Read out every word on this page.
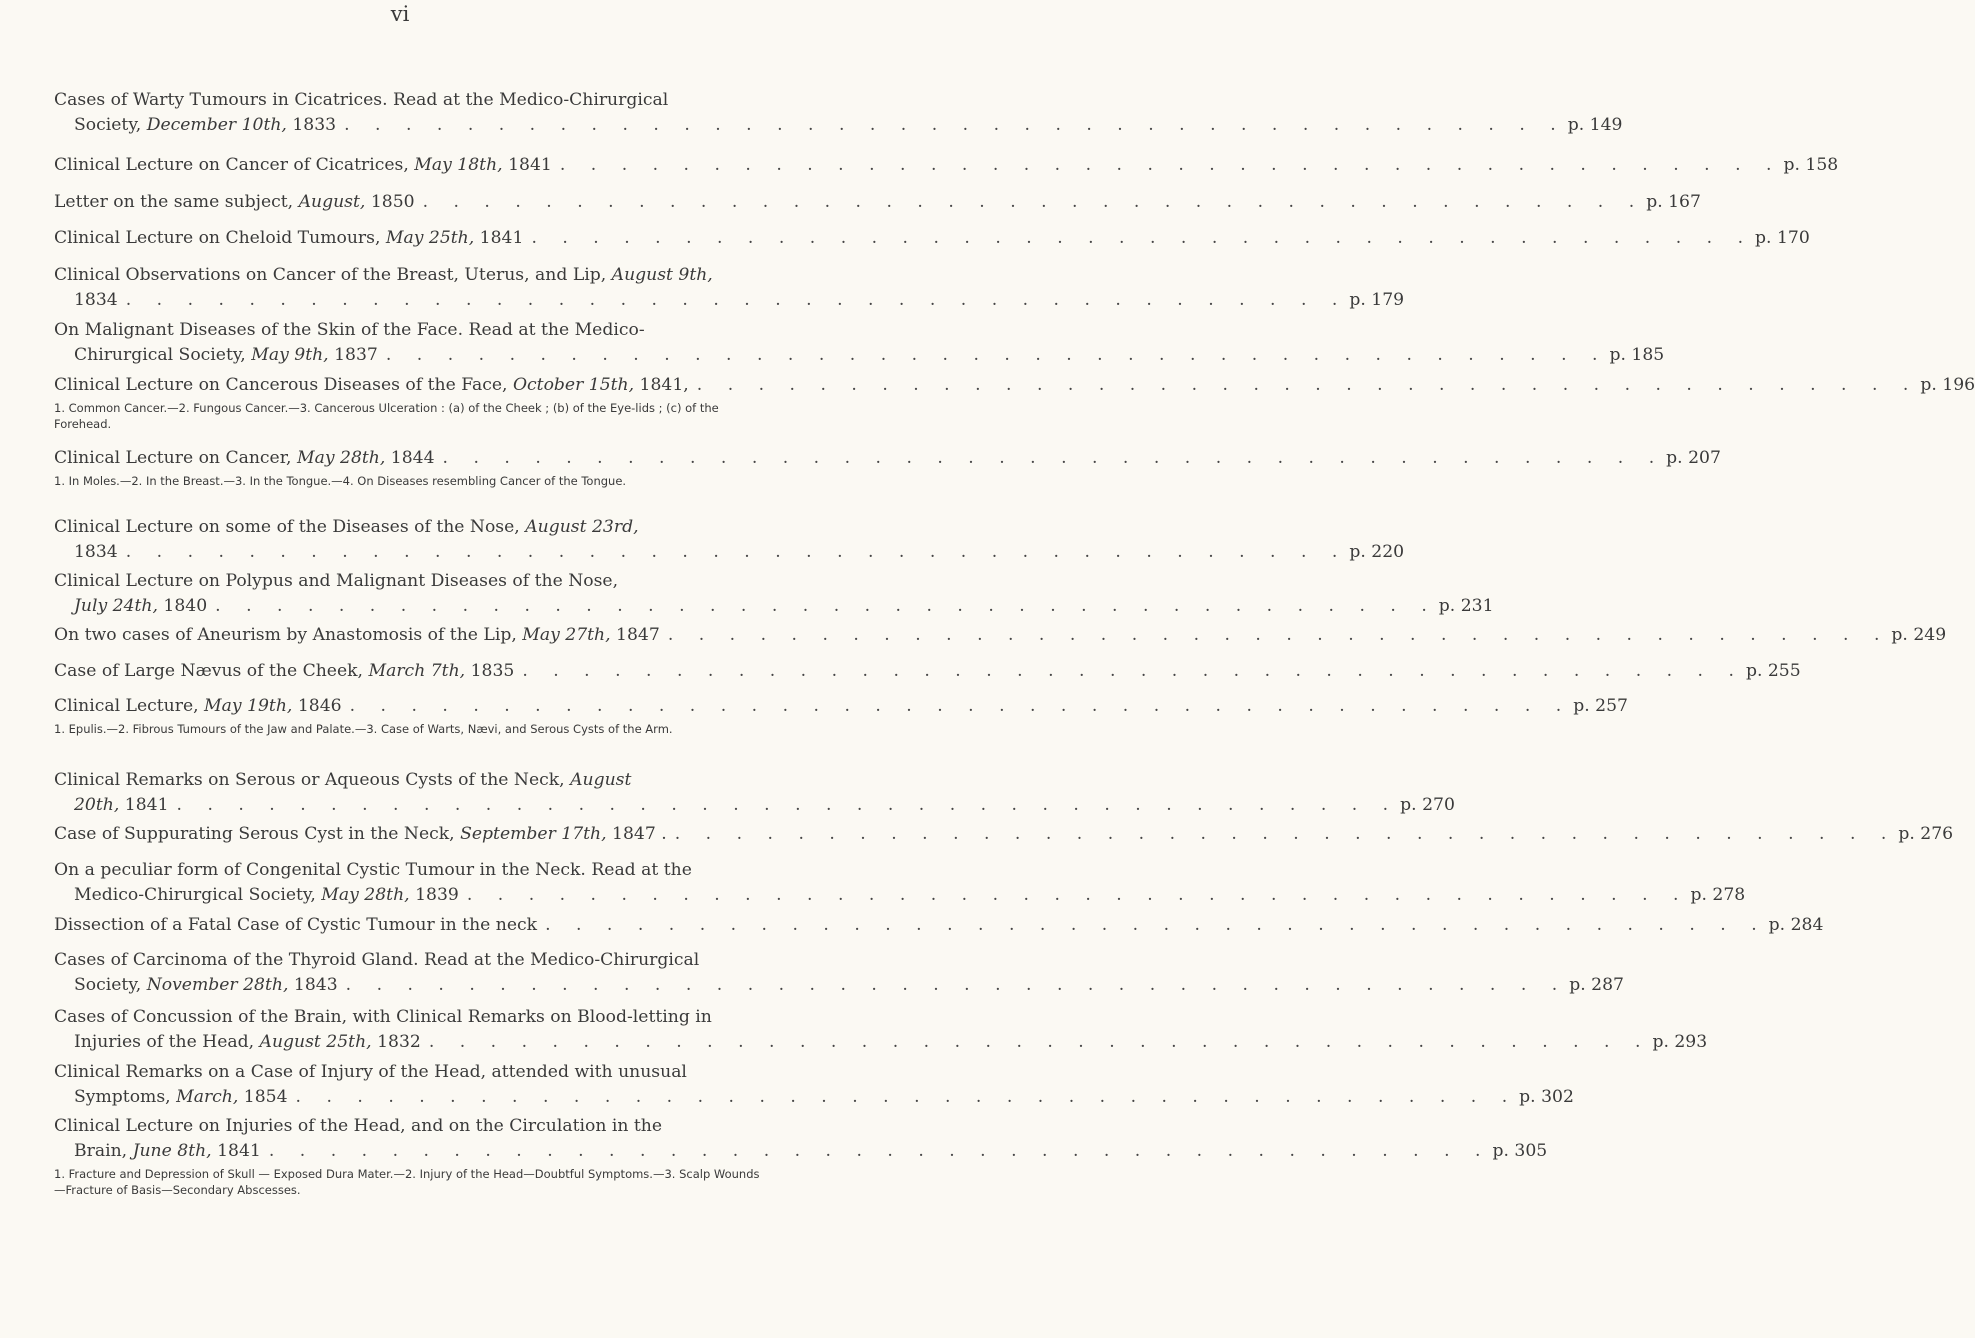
vi
Cases of Warty Tumours in Cicatrices. Read at the Medico-Chirurgical
Society, December 10th, 1833 . . . . . . . . . . . . . . . . . . . . . . . . . . . . . . . . . . . . . . . . p. 149
Clinical Lecture on Cancer of Cicatrices, May 18th, 1841 . . . . . . . . . . . . . . . . . . . . . . . . . . . . . . . . . . . . . . . . p. 158
Letter on the same subject, August, 1850 . . . . . . . . . . . . . . . . . . . . . . . . . . . . . . . . . . . . . . . . p. 167
Clinical Lecture on Cheloid Tumours, May 25th, 1841 . . . . . . . . . . . . . . . . . . . . . . . . . . . . . . . . . . . . . . . . p. 170
Clinical Observations on Cancer of the Breast, Uterus, and Lip, August 9th,
1834 . . . . . . . . . . . . . . . . . . . . . . . . . . . . . . . . . . . . . . . . p. 179
On Malignant Diseases of the Skin of the Face. Read at the Medico-
Chirurgical Society, May 9th, 1837 . . . . . . . . . . . . . . . . . . . . . . . . . . . . . . . . . . . . . . . . p. 185
Clinical Lecture on Cancerous Diseases of the Face, October 15th, 1841, . . . . . . . . . . . . . . . . . . . . . . . . . . . . . . . . . . . . . . . . p. 196
1. Common Cancer.—2. Fungous Cancer.—3. Cancerous Ulceration : (a) of the Cheek ; (b) of the Eye-lids ; (c) of the Forehead.
Clinical Lecture on Cancer, May 28th, 1844 . . . . . . . . . . . . . . . . . . . . . . . . . . . . . . . . . . . . . . . . p. 207
1. In Moles.—2. In the Breast.—3. In the Tongue.—4. On Diseases resembling Cancer of the Tongue.
Clinical Lecture on some of the Diseases of the Nose, August 23rd,
1834 . . . . . . . . . . . . . . . . . . . . . . . . . . . . . . . . . . . . . . . . p. 220
Clinical Lecture on Polypus and Malignant Diseases of the Nose,
July 24th, 1840 . . . . . . . . . . . . . . . . . . . . . . . . . . . . . . . . . . . . . . . . p. 231
On two cases of Aneurism by Anastomosis of the Lip, May 27th, 1847 . . . . . . . . . . . . . . . . . . . . . . . . . . . . . . . . . . . . . . . . p. 249
Case of Large Nævus of the Cheek, March 7th, 1835 . . . . . . . . . . . . . . . . . . . . . . . . . . . . . . . . . . . . . . . . p. 255
Clinical Lecture, May 19th, 1846 . . . . . . . . . . . . . . . . . . . . . . . . . . . . . . . . . . . . . . . . p. 257
1. Epulis.—2. Fibrous Tumours of the Jaw and Palate.—3. Case of Warts, Nævi, and Serous Cysts of the Arm.
Clinical Remarks on Serous or Aqueous Cysts of the Neck, August
20th, 1841 . . . . . . . . . . . . . . . . . . . . . . . . . . . . . . . . . . . . . . . . p. 270
Case of Suppurating Serous Cyst in the Neck, September 17th, 1847 . . . . . . . . . . . . . . . . . . . . . . . . . . . . . . . . . . . . . . . . . p. 276
On a peculiar form of Congenital Cystic Tumour in the Neck. Read at the
Medico-Chirurgical Society, May 28th, 1839 . . . . . . . . . . . . . . . . . . . . . . . . . . . . . . . . . . . . . . . . p. 278
Dissection of a Fatal Case of Cystic Tumour in the neck . . . . . . . . . . . . . . . . . . . . . . . . . . . . . . . . . . . . . . . . p. 284
Cases of Carcinoma of the Thyroid Gland. Read at the Medico-Chirurgical
Society, November 28th, 1843 . . . . . . . . . . . . . . . . . . . . . . . . . . . . . . . . . . . . . . . . p. 287
Cases of Concussion of the Brain, with Clinical Remarks on Blood-letting in
Injuries of the Head, August 25th, 1832 . . . . . . . . . . . . . . . . . . . . . . . . . . . . . . . . . . . . . . . . p. 293
Clinical Remarks on a Case of Injury of the Head, attended with unusual
Symptoms, March, 1854 . . . . . . . . . . . . . . . . . . . . . . . . . . . . . . . . . . . . . . . . p. 302
Clinical Lecture on Injuries of the Head, and on the Circulation in the
Brain, June 8th, 1841 . . . . . . . . . . . . . . . . . . . . . . . . . . . . . . . . . . . . . . . . p. 305
1. Fracture and Depression of Skull — Exposed Dura Mater.—2. Injury of the Head—Doubtful Symptoms.—3. Scalp Wounds—Fracture of Basis—Secondary Abscesses.
